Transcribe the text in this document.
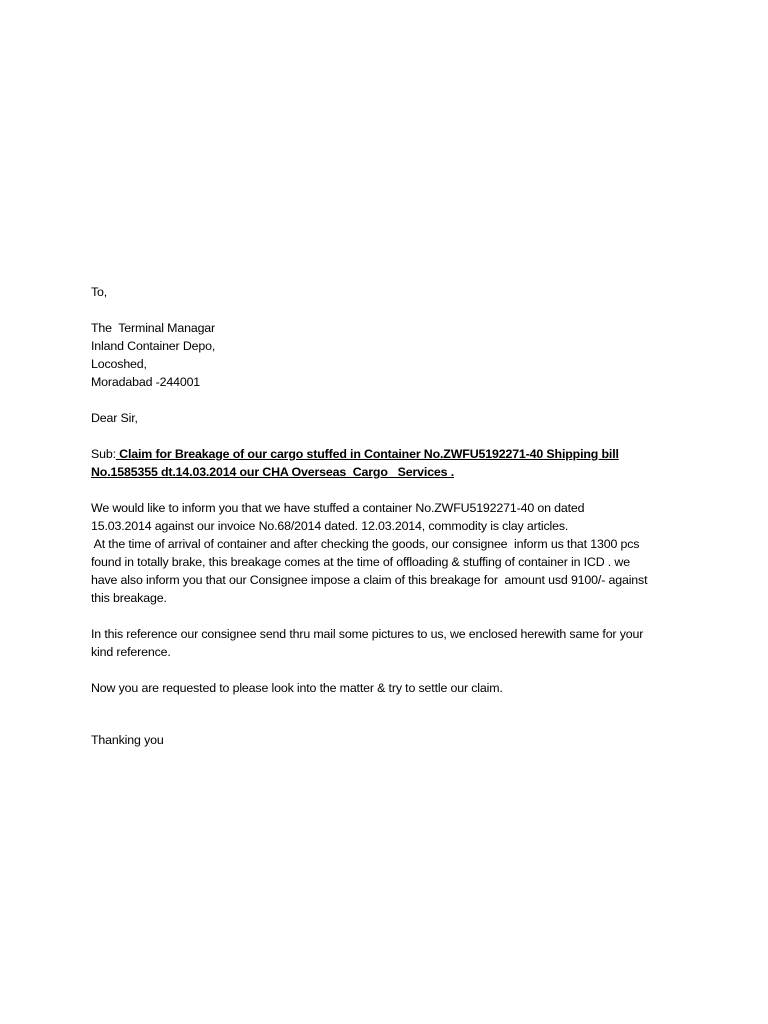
To,
The  Terminal Managar
Inland Container Depo,
Locoshed,
Moradabad -244001
Dear Sir,
Sub: Claim for Breakage of our cargo stuffed in Container No.ZWFU5192271-40 Shipping bill
No.1585355 dt.14.03.2014 our CHA Overseas  Cargo   Services .
We would like to inform you that we have stuffed a container No.ZWFU5192271-40 on dated
15.03.2014 against our invoice No.68/2014 dated. 12.03.2014, commodity is clay articles.
At the time of arrival of container and after checking the goods, our consignee  inform us that 1300 pcs
found in totally brake, this breakage comes at the time of offloading & stuffing of container in ICD . we
have also inform you that our Consignee impose a claim of this breakage for  amount usd 9100/- against
this breakage.
In this reference our consignee send thru mail some pictures to us, we enclosed herewith same for your
kind reference.
Now you are requested to please look into the matter & try to settle our claim.
Thanking you
